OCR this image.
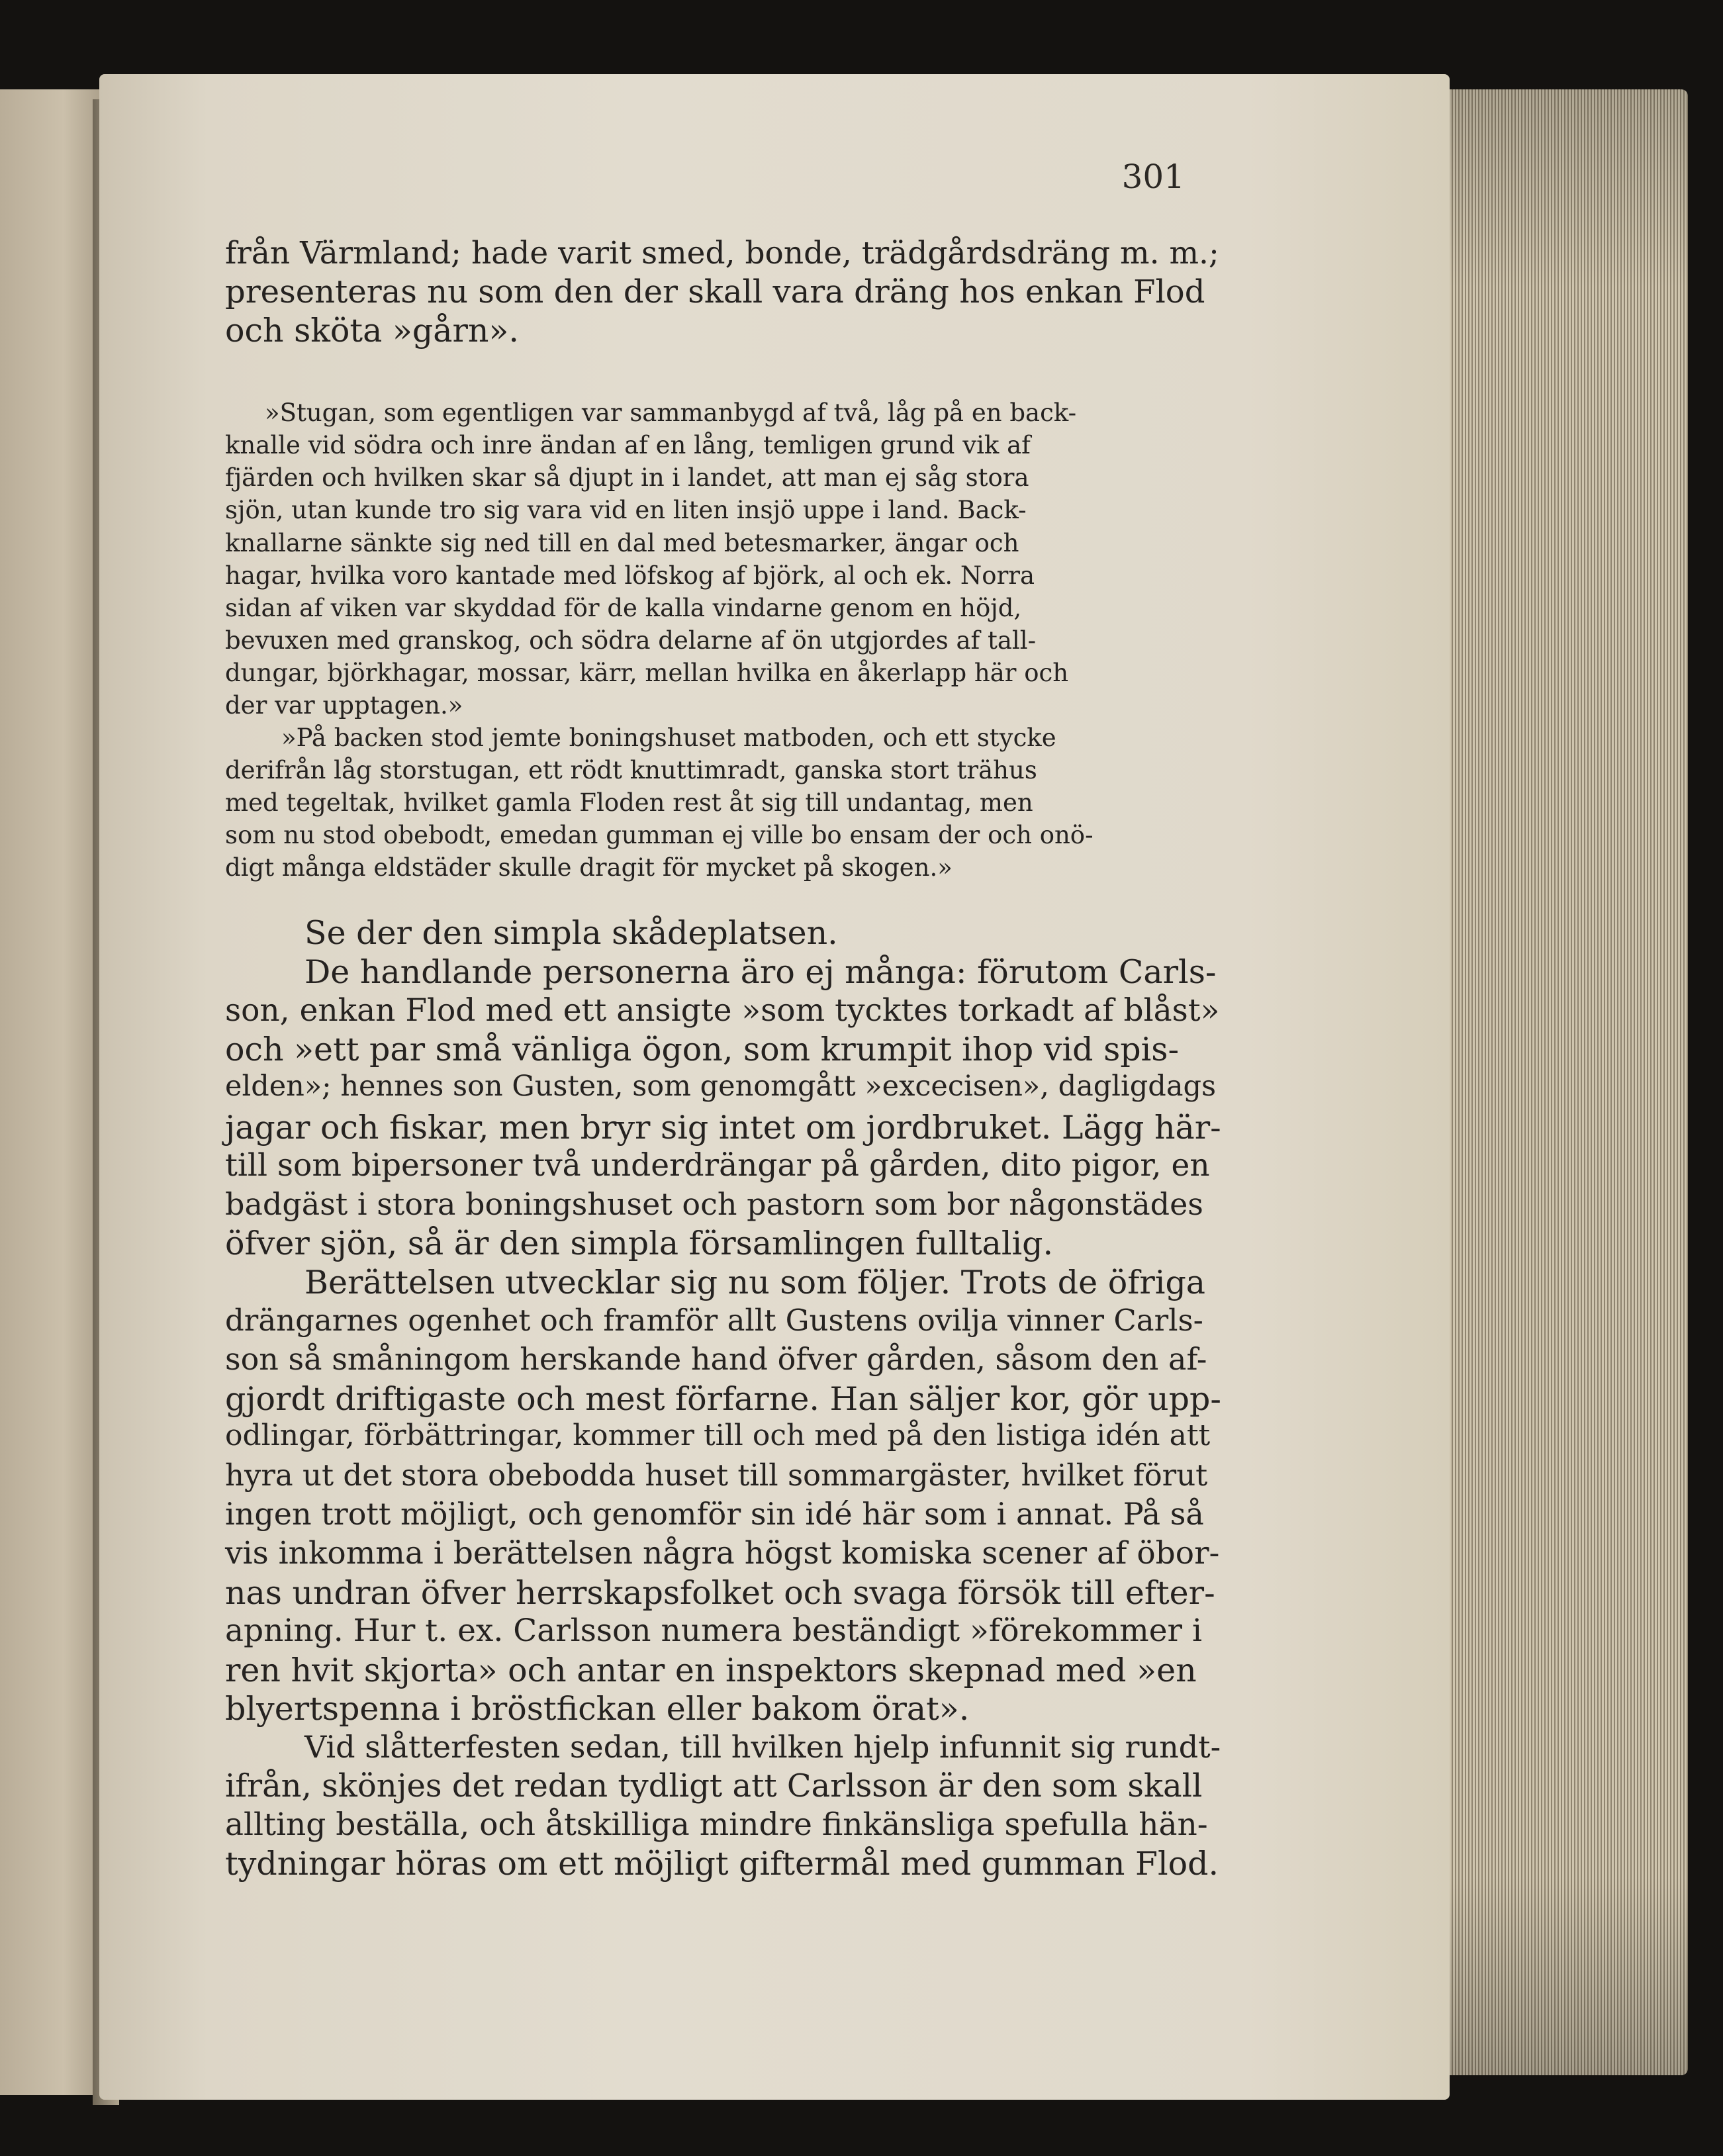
301
från Värmland; hade varit smed, bonde, trädgårdsdräng m. m.;
presenteras nu som den der skall vara dräng hos enkan Flod
och sköta »gårn».
»Stugan, som egentligen var sammanbygd af två, låg på en back-
knalle vid södra och inre ändan af en lång, temligen grund vik af
fjärden och hvilken skar så djupt in i landet, att man ej såg stora
sjön, utan kunde tro sig vara vid en liten insjö uppe i land. Back-
knallarne sänkte sig ned till en dal med betesmarker, ängar och
hagar, hvilka voro kantade med löfskog af björk, al och ek. Norra
sidan af viken var skyddad för de kalla vindarne genom en höjd,
bevuxen med granskog, och södra delarne af ön utgjordes af tall-
dungar, björkhagar, mossar, kärr, mellan hvilka en åkerlapp här och
der var upptagen.»
»På backen stod jemte boningshuset matboden, och ett stycke
derifrån låg storstugan, ett rödt knuttimradt, ganska stort trähus
med tegeltak, hvilket gamla Floden rest åt sig till undantag, men
som nu stod obebodt, emedan gumman ej ville bo ensam der och onö-
digt många eldstäder skulle dragit för mycket på skogen.»
Se der den simpla skådeplatsen.
De handlande personerna äro ej många: förutom Carls-
son, enkan Flod med ett ansigte »som tycktes torkadt af blåst»
och »ett par små vänliga ögon, som krumpit ihop vid spis-
elden»; hennes son Gusten, som genomgått »excecisen», dagligdags
jagar och fiskar, men bryr sig intet om jordbruket. Lägg här-
till som bipersoner två underdrängar på gården, dito pigor, en
badgäst i stora boningshuset och pastorn som bor någonstädes
öfver sjön, så är den simpla församlingen fulltalig.
Berättelsen utvecklar sig nu som följer. Trots de öfriga
drängarnes ogenhet och framför allt Gustens ovilja vinner Carls-
son så småningom herskande hand öfver gården, såsom den af-
gjordt driftigaste och mest förfarne. Han säljer kor, gör upp-
odlingar, förbättringar, kommer till och med på den listiga idén att
hyra ut det stora obebodda huset till sommargäster, hvilket förut
ingen trott möjligt, och genomför sin idé här som i annat. På så
vis inkomma i berättelsen några högst komiska scener af öbor-
nas undran öfver herrskapsfolket och svaga försök till efter-
apning. Hur t. ex. Carlsson numera beständigt »förekommer i
ren hvit skjorta» och antar en inspektors skepnad med »en
blyertspenna i bröstfickan eller bakom örat».
Vid slåtterfesten sedan, till hvilken hjelp infunnit sig rundt-
ifrån, skönjes det redan tydligt att Carlsson är den som skall
allting beställa, och åtskilliga mindre finkänsliga spefulla hän-
tydningar höras om ett möjligt giftermål med gumman Flod.
